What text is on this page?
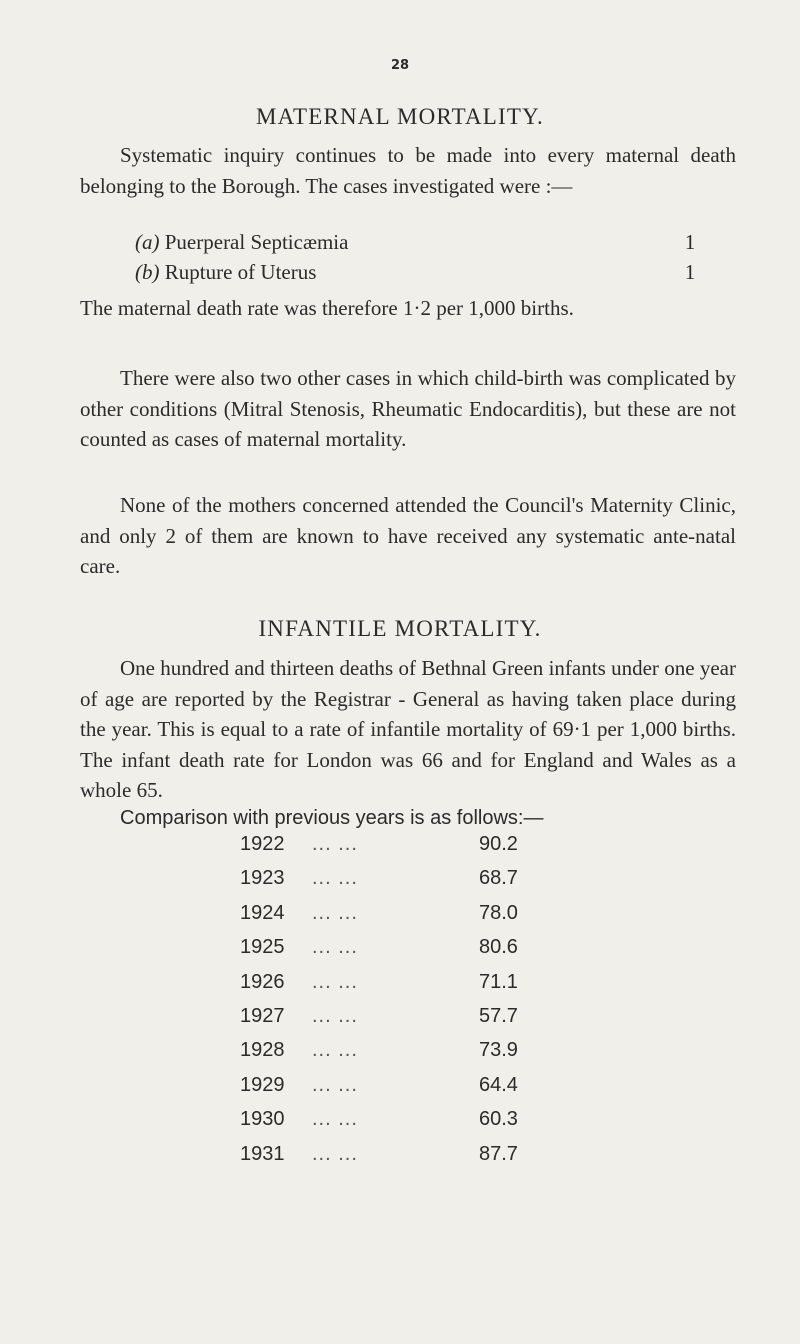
28
MATERNAL MORTALITY.
Systematic inquiry continues to be made into every maternal death belonging to the Borough. The cases investigated were :—
(a) Puerperal Septicæmia	1
(b) Rupture of Uterus	1
The maternal death rate was therefore 1·2 per 1,000 births.
There were also two other cases in which child-birth was complicated by other conditions (Mitral Stenosis, Rheumatic Endocarditis), but these are not counted as cases of maternal mortality.
None of the mothers concerned attended the Council's Maternity Clinic, and only 2 of them are known to have received any systematic ante-natal care.
INFANTILE MORTALITY.
One hundred and thirteen deaths of Bethnal Green infants under one year of age are reported by the Registrar - General as having taken place during the year. This is equal to a rate of infantile mortality of 69·1 per 1,000 births. The infant death rate for London was 66 and for England and Wales as a whole 65.
Comparison with previous years is as follows:—
1922 ... ...	90.2
1923 ... ...	68.7
1924 ... ...	78.0
1925 ... ...	80.6
1926 ... ...	71.1
1927 ... ...	57.7
1928 ... ...	73.9
1929 ... ...	64.4
1930 ... ...	60.3
1931 ... ...	87.7
